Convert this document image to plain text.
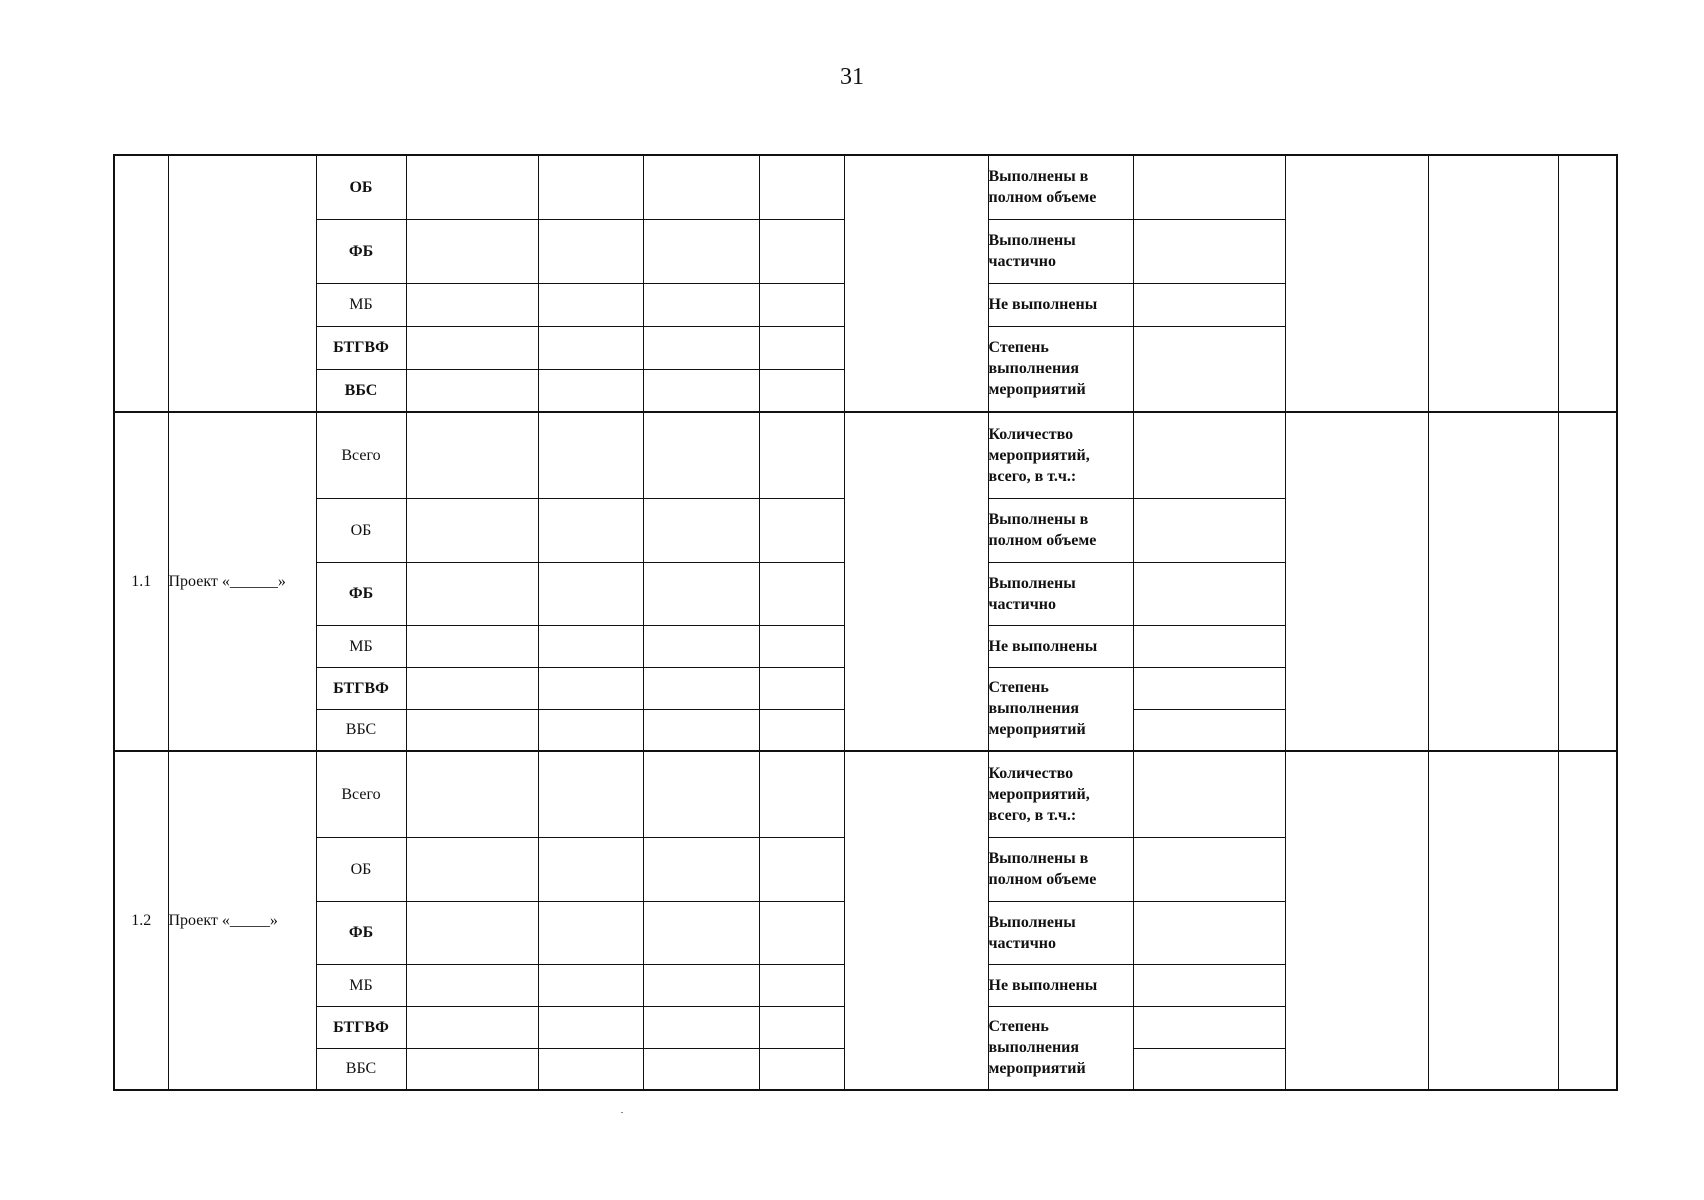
31
		ОБ						Выполнены в полном объеме				
		ФБ						Выполнены частично				
		МБ						Не выполнены				
		БТГВФ						Степень выполнения мероприятий				
		ВБС										
1.1	Проект «______»	Всего						Количество мероприятий, всего, в т.ч.:				
		ОБ						Выполнены в полном объеме				
		ФБ						Выполнены частично				
		МБ						Не выполнены				
		БТГВФ						Степень выполнения мероприятий				
		ВБС										
1.2	Проект «_____»	Всего						Количество мероприятий, всего, в т.ч.:				
		ОБ						Выполнены в полном объеме				
		ФБ						Выполнены частично				
		МБ						Не выполнены				
		БТГВФ						Степень выполнения мероприятий				
		ВБС										
